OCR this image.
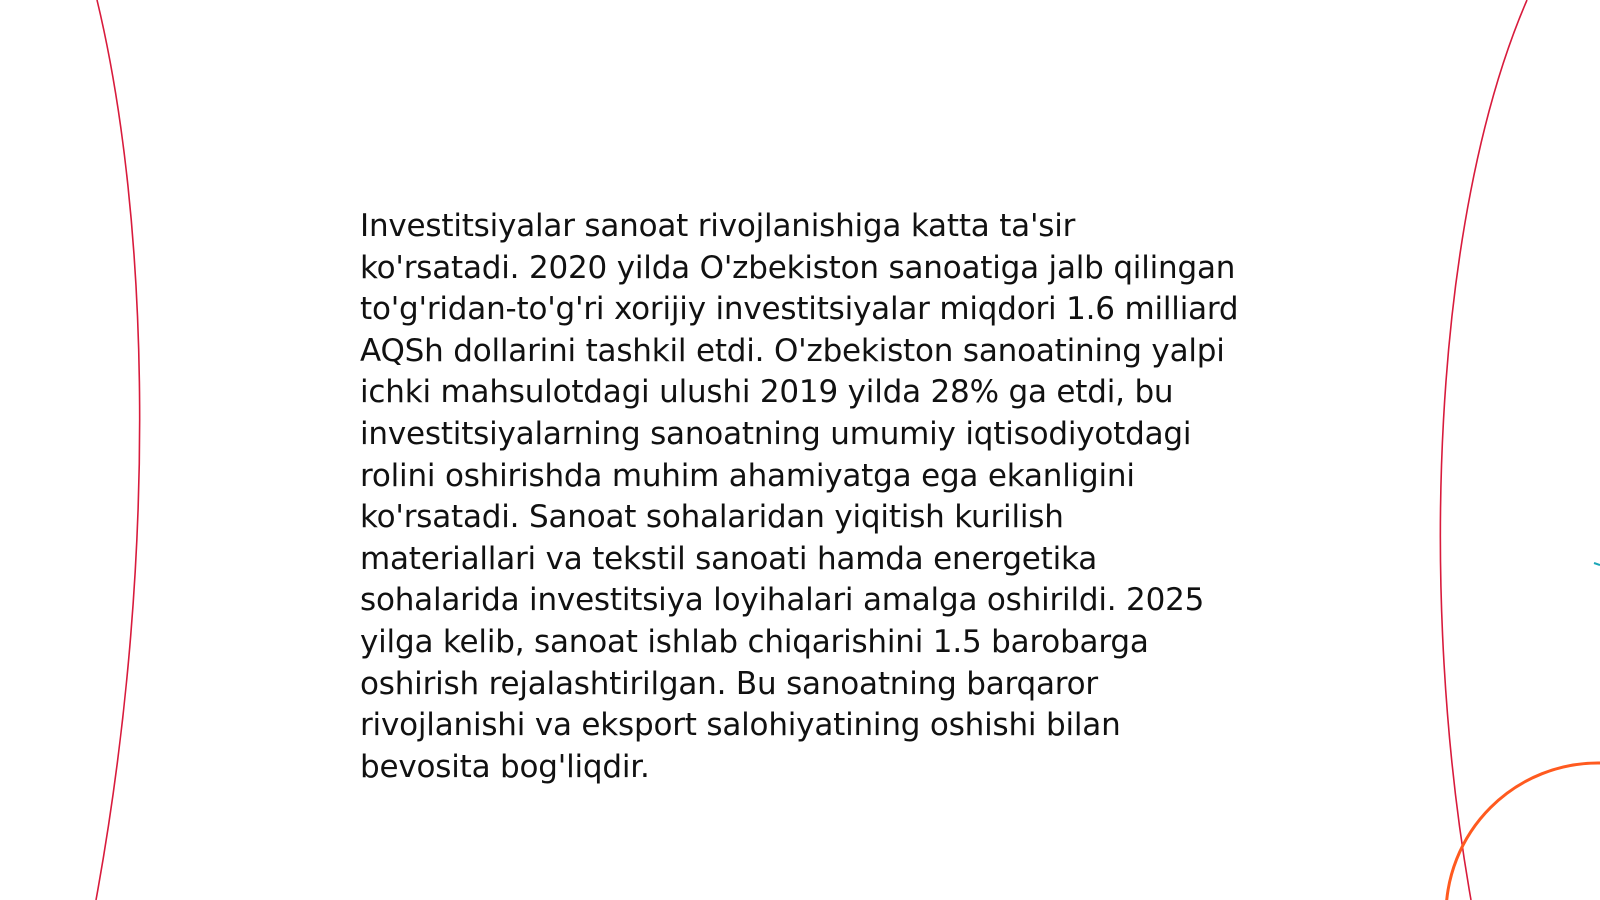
Investitsiyalar sanoat rivojlanishiga katta ta'sir ko'rsatadi. 2020 yilda O'zbekiston sanoatiga jalb qilingan to'g'ridan-to'g'ri xorijiy investitsiyalar miqdori 1.6 milliard AQSh dollarini tashkil etdi. O'zbekiston sanoatining yalpi ichki mahsulotdagi ulushi 2019 yilda 28% ga etdi, bu investitsiyalarning sanoatning umumiy iqtisodiyotdagi rolini oshirishda muhim ahamiyatga ega ekanligini ko'rsatadi. Sanoat sohalaridan yiqitish kurilish materiallari va tekstil sanoati hamda energetika sohalarida investitsiya loyihalari amalga oshirildi. 2025 yilga kelib, sanoat ishlab chiqarishini 1.5 barobarga oshirish rejalashtirilgan. Bu sanoatning barqaror rivojlanishi va eksport salohiyatining oshishi bilan bevosita bog'liqdir.
